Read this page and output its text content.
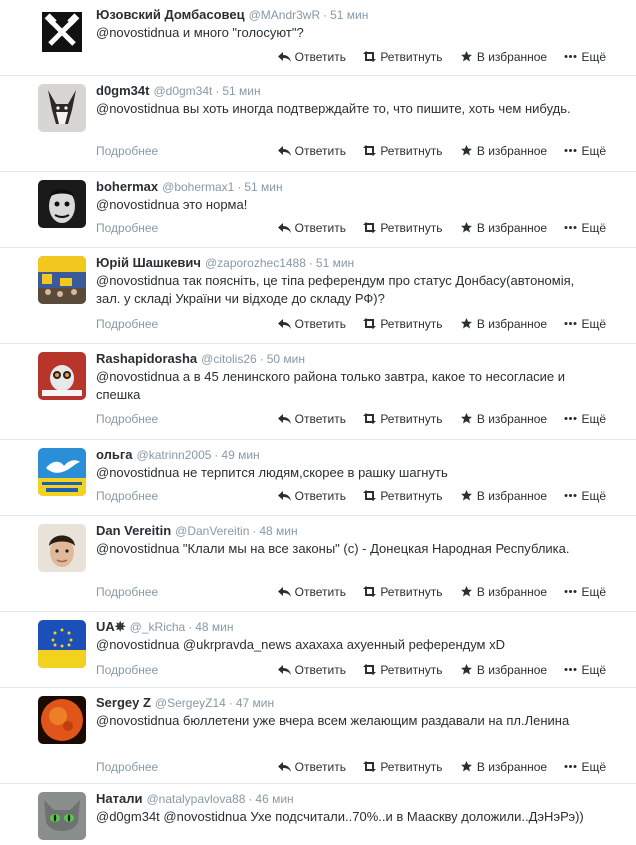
Юзовский Домбасовец @MAndr3wR · 51 мин
@novostidnua и много "голосуют"?
Ответить	Ретвитнуть	В избранное	Ещё
d0gm34t @d0gm34t · 51 мин
@novostidnua вы хоть иногда подтверждайте то, что пишите, хоть чем нибудь.
Подробнее	Ответить	Ретвитнуть	В избранное	Ещё
bohermax @bohermax1 · 51 мин
@novostidnua это норма!
Подробнее	Ответить	Ретвитнуть	В избранное	Ещё
Юрій Шашкевич @zaporozhec1488 · 51 мин
@novostidnua так поясніть, це тіпа референдум про статус Донбасу(автономія, зал. у складі України чи відходе до складу РФ)?
Подробнее	Ответить	Ретвитнуть	В избранное	Ещё
Rashapidorasha @citolis26 · 50 мин
@novostidnua а в 45 ленинского района только завтра, какое то несогласие и спешка
Подробнее	Ответить	Ретвитнуть	В избранное	Ещё
ольга @katrinn2005 · 49 мин
@novostidnua не терпится людям,скорее в рашку шагнуть
Подробнее	Ответить	Ретвитнуть	В избранное	Ещё
Dan Vereitin @DanVereitin · 48 мин
@novostidnua "Клали мы на все законы" (с) - Донецкая Народная Республика.
Подробнее	Ответить	Ретвитнуть	В избранное	Ещё
UA✵ @_kRicha · 48 мин
@novostidnua @ukrpravda_news ахахаха ахуенный референдум xD
Подробнее	Ответить	Ретвитнуть	В избранное	Ещё
Sergey Z @SergeyZ14 · 47 мин
@novostidnua бюллетени уже вчера всем желающим раздавали на пл.Ленина
Подробнее	Ответить	Ретвитнуть	В избранное	Ещё
Натали @natalypavlova88 · 46 мин
@d0gm34t @novostidnua Ухе подсчитали..70%..и в Мааскву доложили..ДэНэРэ))
